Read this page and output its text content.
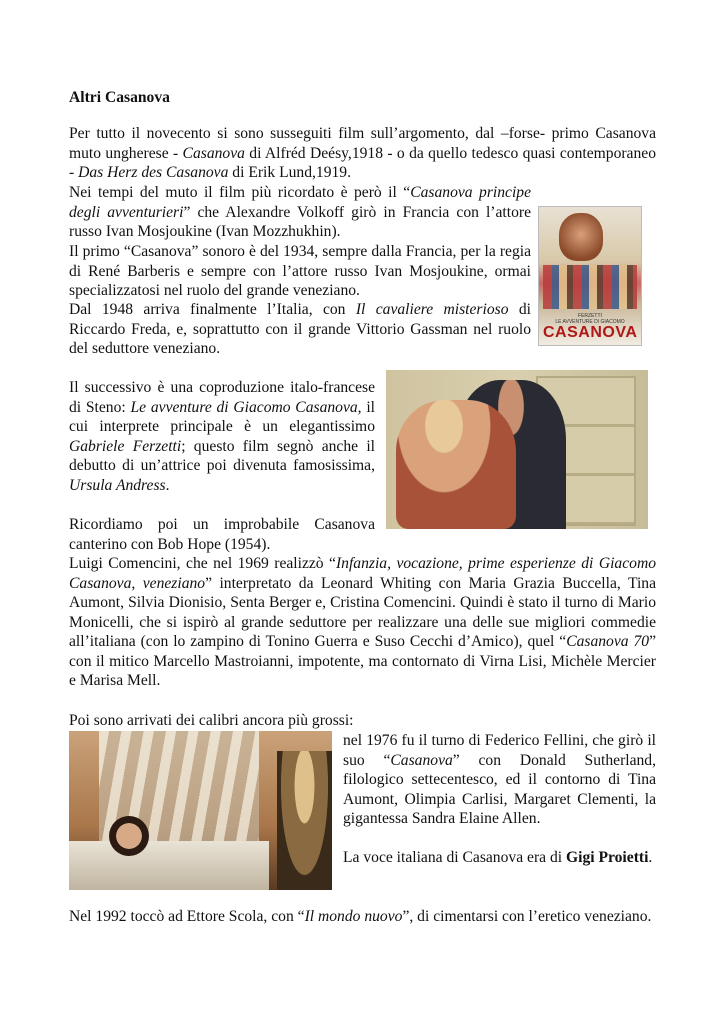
Altri Casanova
Per tutto il novecento si sono susseguiti film sull’argomento, dal –forse- primo Casanova muto ungherese - Casanova di Alfréd Deésy,1918 - o da quello tedesco quasi contemporaneo - Das Herz des Casanova di Erik Lund,1919.
Nei tempi del muto il film più ricordato è però il “Casanova principe degli avventurieri” che Alexandre Volkoff girò in Francia con l’attore russo Ivan Mosjoukine (Ivan Mozzhukhin).
Il primo “Casanova” sonoro è del 1934, sempre dalla Francia, per la regia di René Barberis e sempre con l’attore russo Ivan Mosjoukine, ormai specializzatosi nel ruolo del grande veneziano.
Dal 1948 arriva finalmente l’Italia, con Il cavaliere misterioso di Riccardo Freda, e, soprattutto con il grande Vittorio Gassman nel ruolo del seduttore veneziano.
FERZETTI
LE AVVENTURE DI GIACOMO
CASANOVA
Il successivo è una coproduzione italo-francese di Steno: Le avventure di Giacomo Casanova, il cui interprete principale è un elegantissimo Gabriele Ferzetti; questo film segnò anche il debutto di un’attrice poi divenuta famosissima, Ursula Andress.
Ricordiamo poi un improbabile Casanova canterino con Bob Hope (1954).
Luigi Comencini, che nel 1969 realizzò “Infanzia, vocazione, prime esperienze di Giacomo Casanova, veneziano” interpretato da Leonard Whiting con Maria Grazia Buccella, Tina Aumont, Silvia Dionisio, Senta Berger e, Cristina Comencini. Quindi è stato il turno di Mario Monicelli, che si ispirò al grande seduttore per realizzare una delle sue migliori commedie all’italiana (con lo zampino di Tonino Guerra e Suso Cecchi d’Amico), quel “Casanova 70” con il mitico Marcello Mastroianni, impotente, ma contornato di Virna Lisi, Michèle Mercier e Marisa Mell.
Poi sono arrivati dei calibri ancora più grossi:
nel 1976 fu il turno di Federico Fellini, che girò il suo “Casanova” con Donald Sutherland, filologico settecentesco, ed il contorno di Tina Aumont, Olimpia Carlisi, Margaret Clementi, la gigantessa Sandra Elaine Allen.
La voce italiana di Casanova era di Gigi Proietti.
Nel 1992 toccò ad Ettore Scola, con “Il mondo nuovo”, di cimentarsi con l’eretico veneziano.
